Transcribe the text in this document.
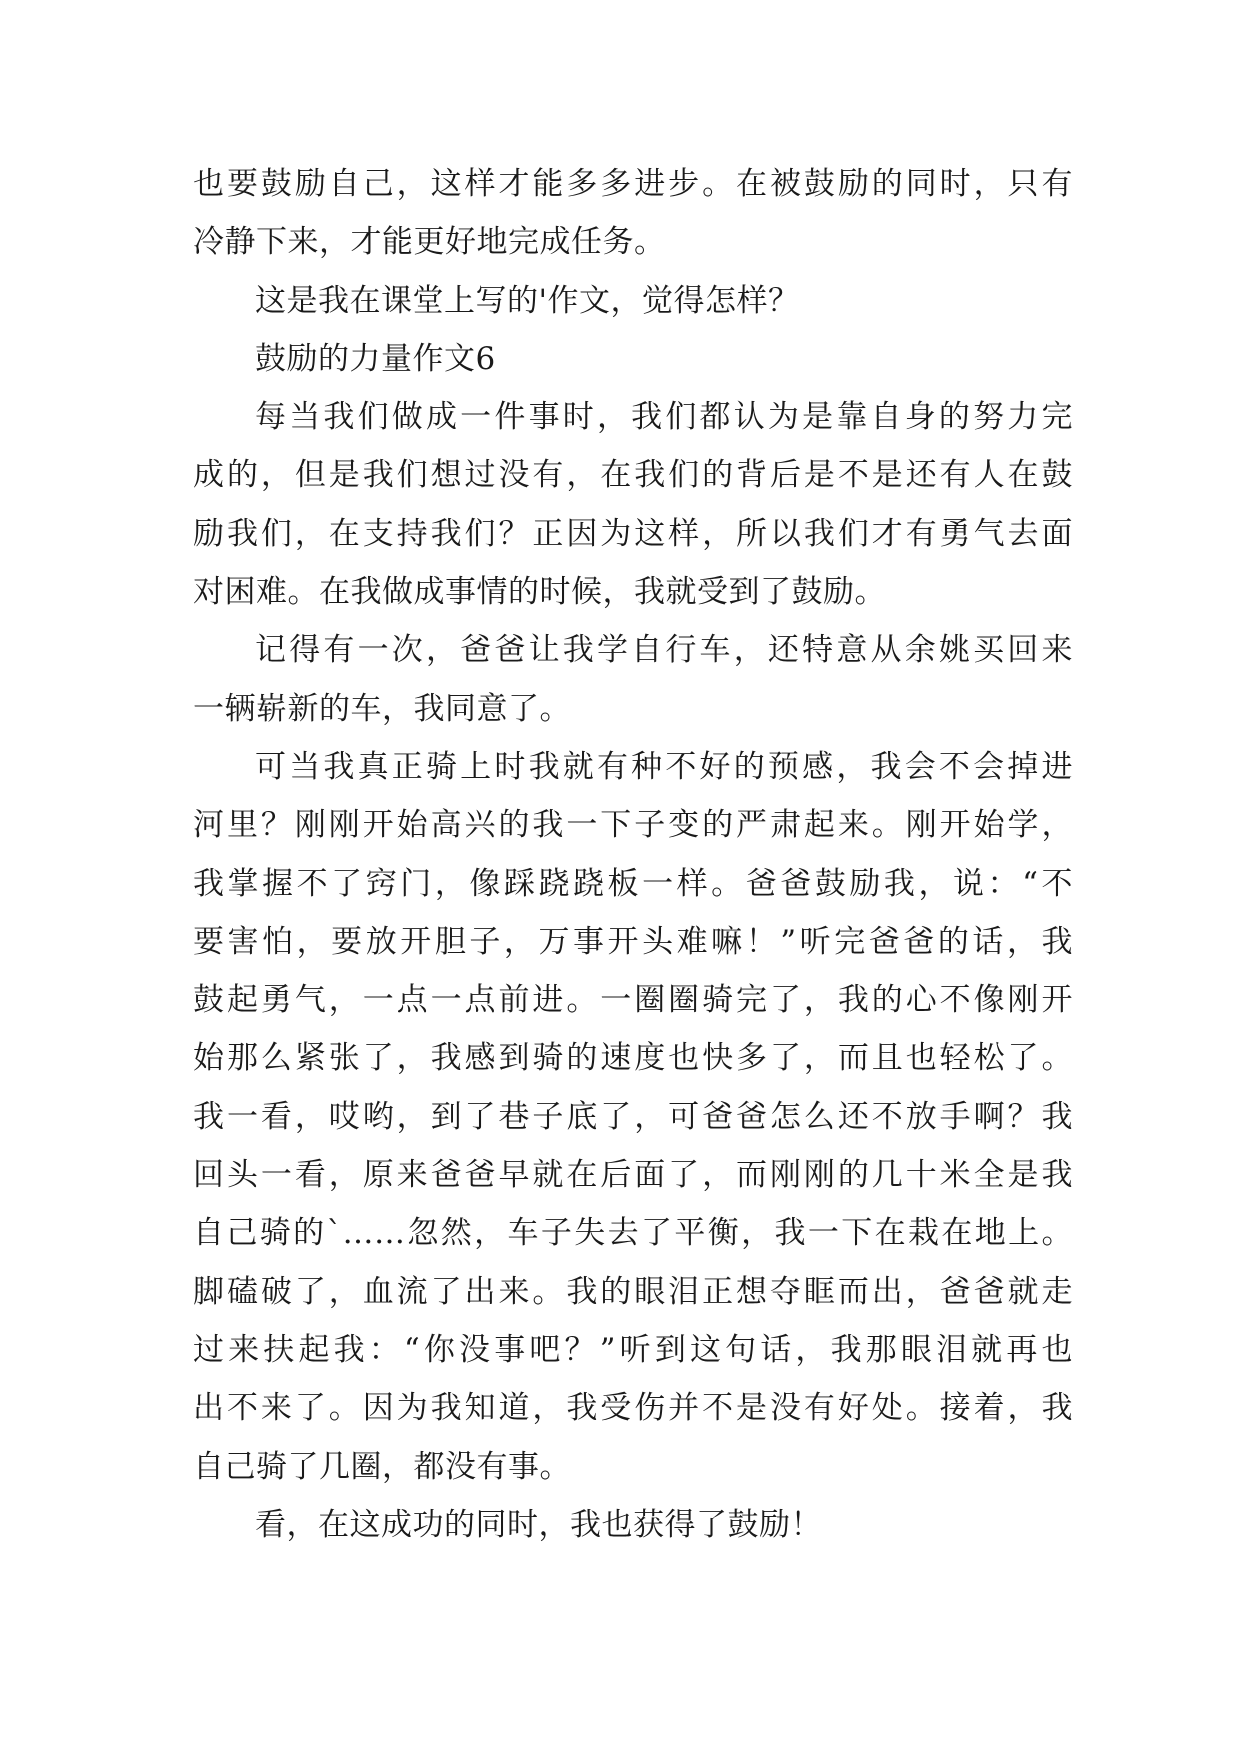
也要鼓励自己，这样才能多多进步。在被鼓励的同时，只有
冷静下来，才能更好地完成任务。
这是我在课堂上写的'作文，觉得怎样？
鼓励的力量作文6
每当我们做成一件事时，我们都认为是靠自身的努力完
成的，但是我们想过没有，在我们的背后是不是还有人在鼓
励我们，在支持我们？正因为这样，所以我们才有勇气去面
对困难。在我做成事情的时候，我就受到了鼓励。
记得有一次，爸爸让我学自行车，还特意从余姚买回来
一辆崭新的车，我同意了。
可当我真正骑上时我就有种不好的预感，我会不会掉进
河里？刚刚开始高兴的我一下子变的严肃起来。刚开始学，
我掌握不了窍门，像踩跷跷板一样。爸爸鼓励我，说：“不
要害怕，要放开胆子，万事开头难嘛！”听完爸爸的话，我
鼓起勇气，一点一点前进。一圈圈骑完了，我的心不像刚开
始那么紧张了，我感到骑的速度也快多了，而且也轻松了。
我一看，哎哟，到了巷子底了，可爸爸怎么还不放手啊？我
回头一看，原来爸爸早就在后面了，而刚刚的几十米全是我
自己骑的`……忽然，车子失去了平衡，我一下在栽在地上。
脚磕破了，血流了出来。我的眼泪正想夺眶而出，爸爸就走
过来扶起我：“你没事吧？”听到这句话，我那眼泪就再也
出不来了。因为我知道，我受伤并不是没有好处。接着，我
自己骑了几圈，都没有事。
看，在这成功的同时，我也获得了鼓励！
